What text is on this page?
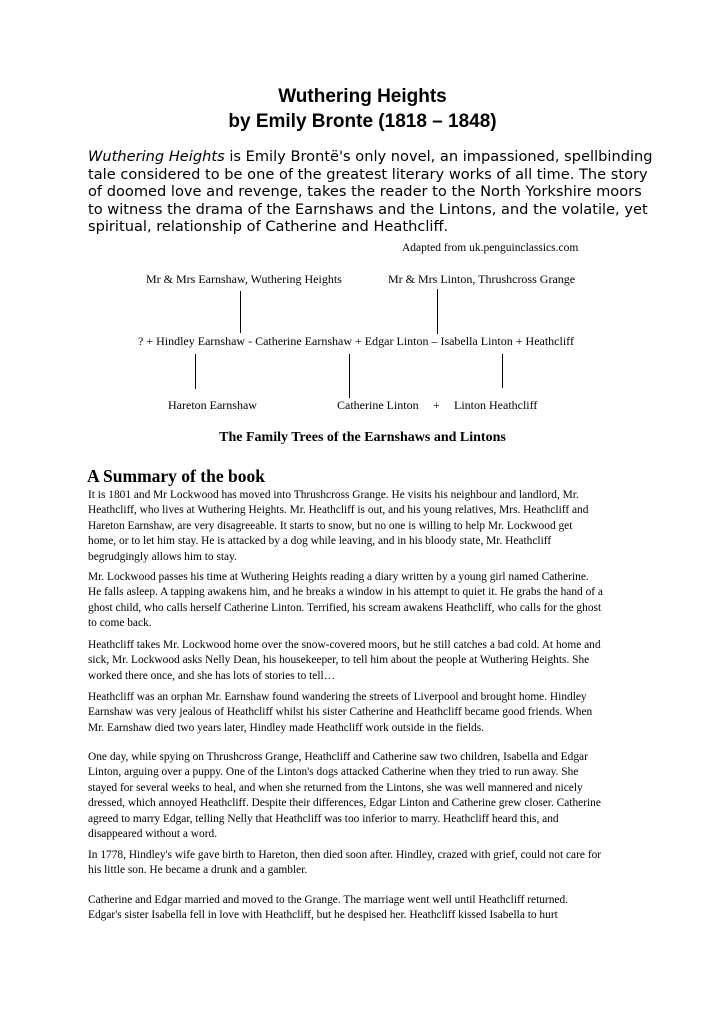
Wuthering Heights
by Emily Bronte (1818 – 1848)
Wuthering Heights is Emily Brontë's only novel, an impassioned, spellbinding
tale considered to be one of the greatest literary works of all time. The story
of doomed love and revenge, takes the reader to the North Yorkshire moors
to witness the drama of the Earnshaws and the Lintons, and the volatile, yet
spiritual, relationship of Catherine and Heathcliff.
Adapted from uk.penguinclassics.com
Mr & Mrs Earnshaw, Wuthering Heights	Mr & Mrs Linton, Thrushcross Grange
? + Hindley Earnshaw - Catherine Earnshaw + Edgar Linton – Isabella Linton + Heathcliff
Hareton Earnshaw	Catherine Linton + Linton Heathcliff
The Family Trees of the Earnshaws and Lintons
A Summary of the book
It is 1801 and Mr Lockwood has moved into Thrushcross Grange. He visits his neighbour and landlord, Mr.
Heathcliff, who lives at Wuthering Heights. Mr. Heathcliff is out, and his young relatives, Mrs. Heathcliff and
Hareton Earnshaw, are very disagreeable. It starts to snow, but no one is willing to help Mr. Lockwood get
home, or to let him stay. He is attacked by a dog while leaving, and in his bloody state, Mr. Heathcliff
begrudgingly allows him to stay.
Mr. Lockwood passes his time at Wuthering Heights reading a diary written by a young girl named Catherine.
He falls asleep. A tapping awakens him, and he breaks a window in his attempt to quiet it. He grabs the hand of a
ghost child, who calls herself Catherine Linton. Terrified, his scream awakens Heathcliff, who calls for the ghost
to come back.
Heathcliff takes Mr. Lockwood home over the snow-covered moors, but he still catches a bad cold. At home and
sick, Mr. Lockwood asks Nelly Dean, his housekeeper, to tell him about the people at Wuthering Heights. She
worked there once, and she has lots of stories to tell…
Heathcliff was an orphan Mr. Earnshaw found wandering the streets of Liverpool and brought home. Hindley
Earnshaw was very jealous of Heathcliff whilst his sister Catherine and Heathcliff became good friends. When
Mr. Earnshaw died two years later, Hindley made Heathcliff work outside in the fields.
One day, while spying on Thrushcross Grange, Heathcliff and Catherine saw two children, Isabella and Edgar
Linton, arguing over a puppy. One of the Linton's dogs attacked Catherine when they tried to run away. She
stayed for several weeks to heal, and when she returned from the Lintons, she was well mannered and nicely
dressed, which annoyed Heathcliff. Despite their differences, Edgar Linton and Catherine grew closer. Catherine
agreed to marry Edgar, telling Nelly that Heathcliff was too inferior to marry. Heathcliff heard this, and
disappeared without a word.
In 1778, Hindley's wife gave birth to Hareton, then died soon after. Hindley, crazed with grief, could not care for
his little son. He became a drunk and a gambler.
Catherine and Edgar married and moved to the Grange. The marriage went well until Heathcliff returned.
Edgar's sister Isabella fell in love with Heathcliff, but he despised her. Heathcliff kissed Isabella to hurt
